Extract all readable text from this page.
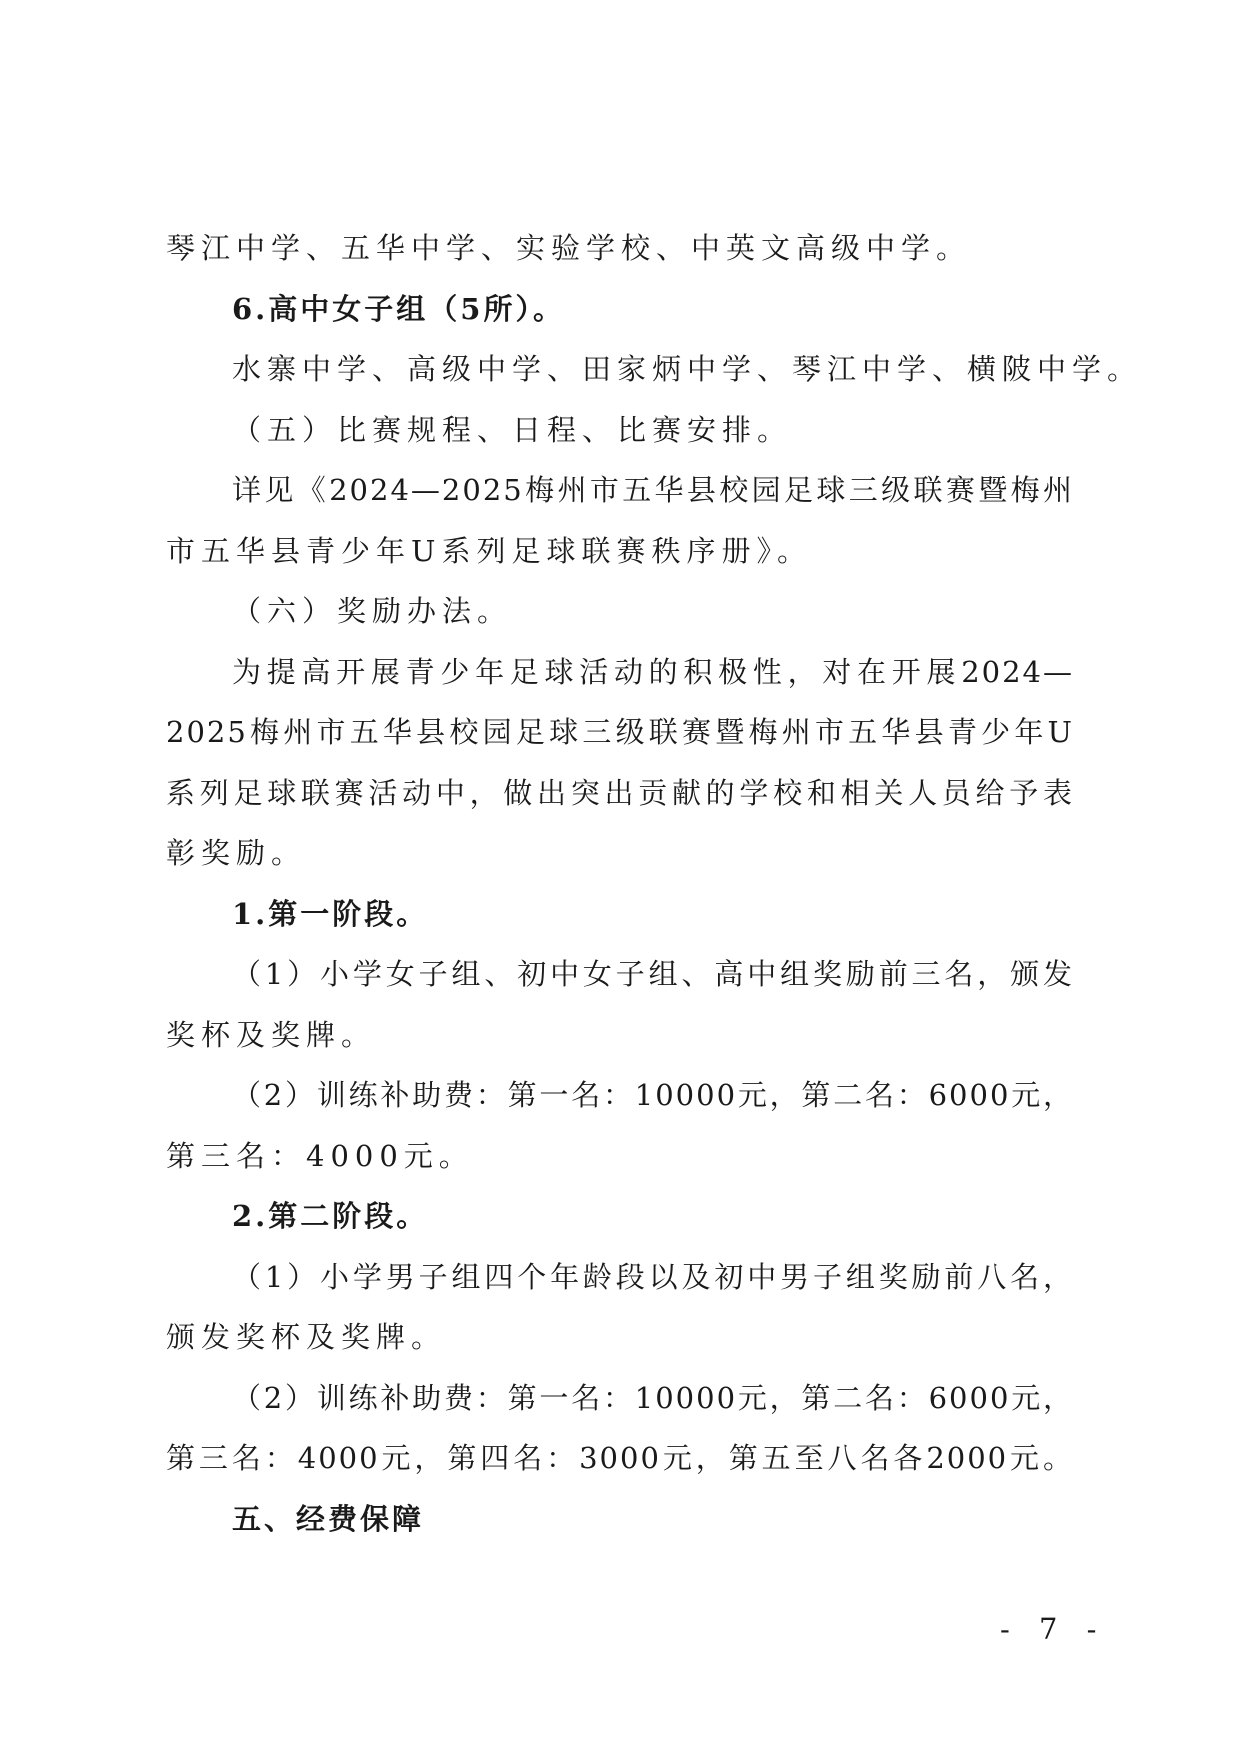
琴江中学、五华中学、实验学校、中英文高级中学。
6.高中女子组（5所）。
水寨中学、高级中学、田家炳中学、琴江中学、横陂中学。
（五）比赛规程、日程、比赛安排。
详见《2024—2025梅州市五华县校园足球三级联赛暨梅州
市五华县青少年U系列足球联赛秩序册》。
（六）奖励办法。
为提高开展青少年足球活动的积极性，对在开展2024—
2025梅州市五华县校园足球三级联赛暨梅州市五华县青少年U
系列足球联赛活动中，做出突出贡献的学校和相关人员给予表
彰奖励。
1.第一阶段。
（1）小学女子组、初中女子组、高中组奖励前三名，颁发
奖杯及奖牌。
（2）训练补助费：第一名：10000元，第二名：6000元，
第三名：4000元。
2.第二阶段。
（1）小学男子组四个年龄段以及初中男子组奖励前八名，
颁发奖杯及奖牌。
（2）训练补助费：第一名：10000元，第二名：6000元，
第三名：4000元，第四名：3000元，第五至八名各2000元。
五、经费保障
- 7 -
